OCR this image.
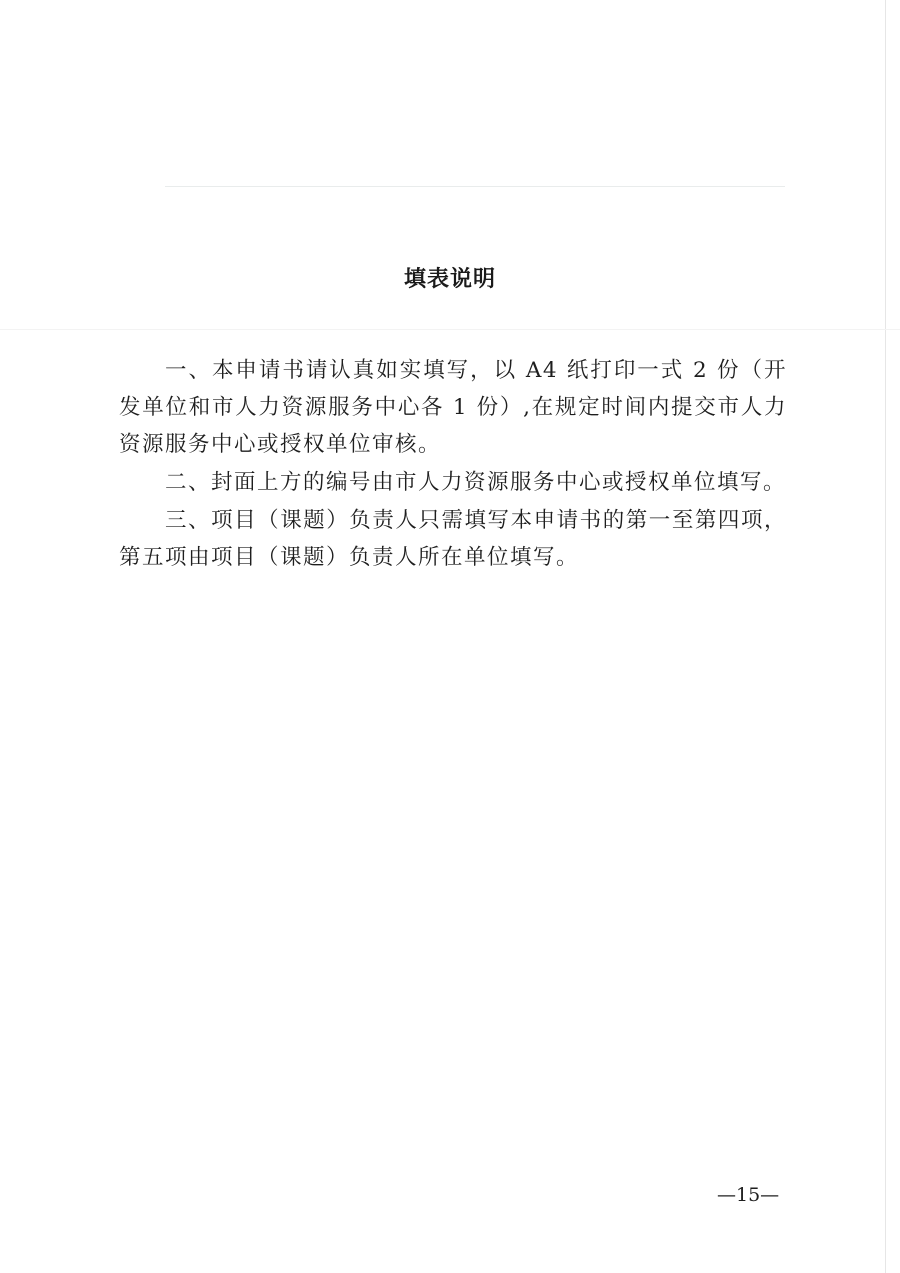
填表说明

一、本申请书请认真如实填写，以 A4 纸打印一式 2 份（开发单位和市人力资源服务中心各 1 份）,在规定时间内提交市人力资源服务中心或授权单位审核。

二、封面上方的编号由市人力资源服务中心或授权单位填写。

三、项目（课题）负责人只需填写本申请书的第一至第四项，第五项由项目（课题）负责人所在单位填写。

—15—
